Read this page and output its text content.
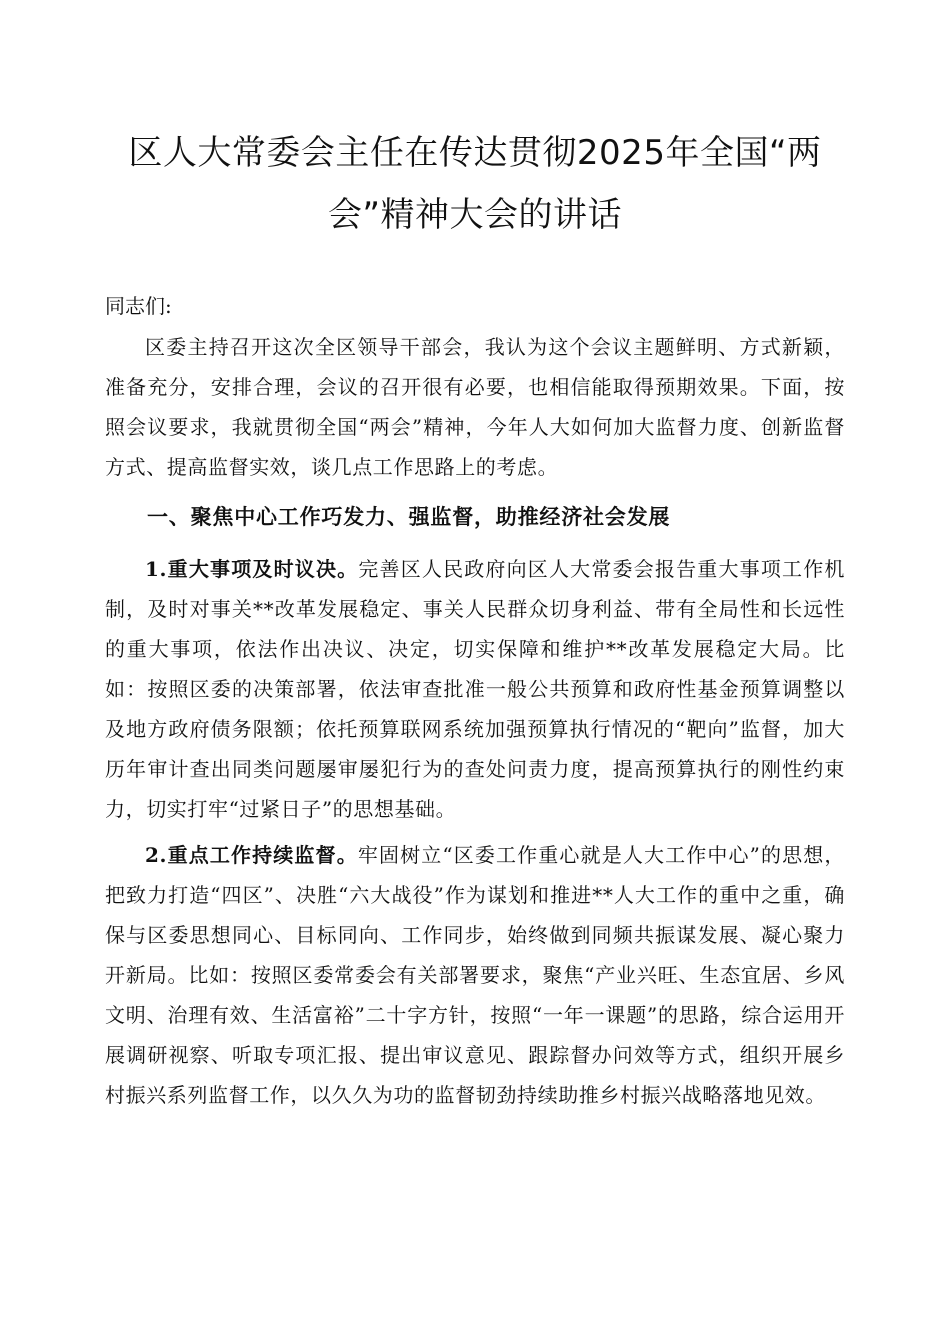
区人大常委会主任在传达贯彻2025年全国“两
会”精神大会的讲话

同志们:

区委主持召开这次全区领导干部会，我认为这个会议主题鲜明、方式新颖，准备充分，安排合理，会议的召开很有必要，也相信能取得预期效果。下面，按照会议要求，我就贯彻全国“两会”精神，今年人大如何加大监督力度、创新监督方式、提高监督实效，谈几点工作思路上的考虑。

一、聚焦中心工作巧发力、强监督，助推经济社会发展

1.重大事项及时议决。完善区人民政府向区人大常委会报告重大事项工作机制，及时对事关**改革发展稳定、事关人民群众切身利益、带有全局性和长远性的重大事项，依法作出决议、决定，切实保障和维护**改革发展稳定大局。比如：按照区委的决策部署，依法审查批准一般公共预算和政府性基金预算调整以及地方政府债务限额；依托预算联网系统加强预算执行情况的“靶向”监督，加大历年审计查出同类问题屡审屡犯行为的查处问责力度，提高预算执行的刚性约束力，切实打牢“过紧日子”的思想基础。

2.重点工作持续监督。牢固树立“区委工作重心就是人大工作中心”的思想，把致力打造“四区”、决胜“六大战役”作为谋划和推进**人大工作的重中之重，确保与区委思想同心、目标同向、工作同步，始终做到同频共振谋发展、凝心聚力开新局。比如：按照区委常委会有关部署要求，聚焦“产业兴旺、生态宜居、乡风文明、治理有效、生活富裕”二十字方针，按照“一年一课题”的思路，综合运用开展调研视察、听取专项汇报、提出审议意见、跟踪督办问效等方式，组织开展乡村振兴系列监督工作，以久久为功的监督韧劲持续助推乡村振兴战略落地见效。
